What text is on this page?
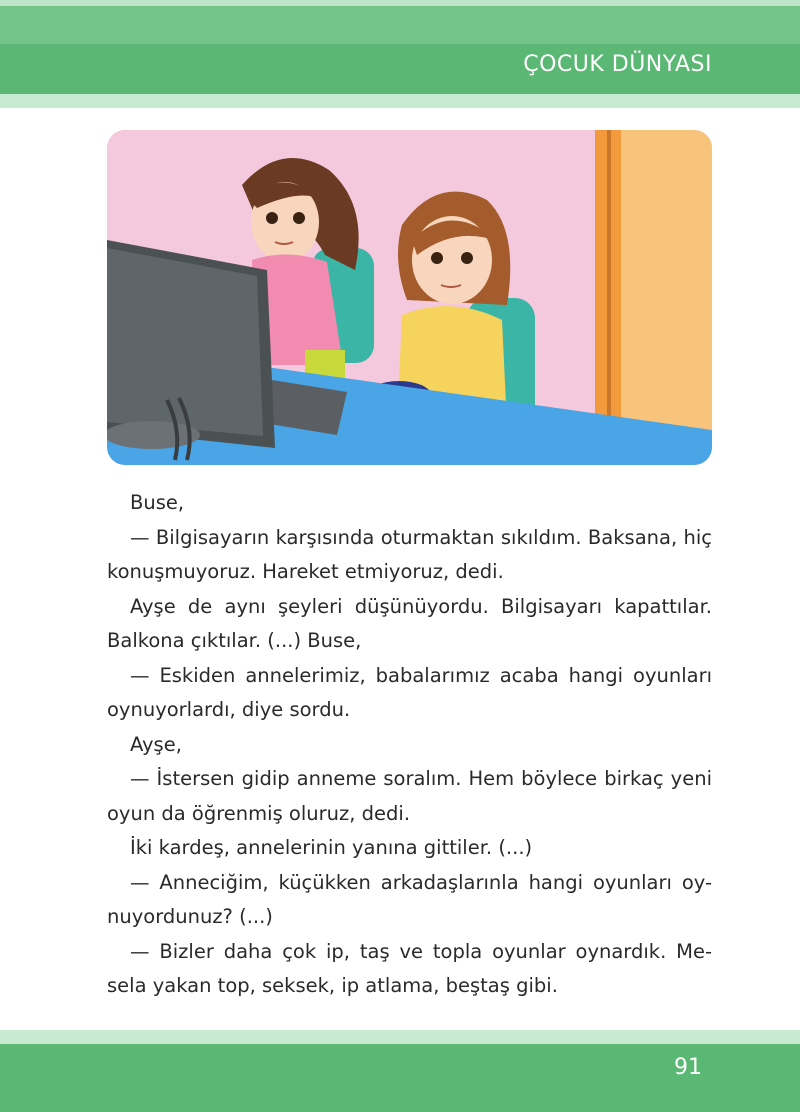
ÇOCUK DÜNYASI

Buse,

— Bilgisayarın karşısında oturmaktan sıkıldım. Baksana, hiç konuşmuyoruz. Hareket etmiyoruz, dedi.

Ayşe de aynı şeyleri düşünüyordu. Bilgisayarı kapattılar. Balkona çıktılar. (...) Buse,

— Eskiden annelerimiz, babalarımız acaba hangi oyunları oynuyorlardı, diye sordu.

Ayşe,

— İstersen gidip anneme soralım. Hem böylece birkaç yeni oyun da öğrenmiş oluruz, dedi.

İki kardeş, annelerinin yanına gittiler. (...)

— Anneciğim, küçükken arkadaşlarınla hangi oyunları oy-nuyordunuz? (...)

— Bizler daha çok ip, taş ve topla oyunlar oynardık. Me-sela yakan top, seksek, ip atlama, beştaş gibi.

91
